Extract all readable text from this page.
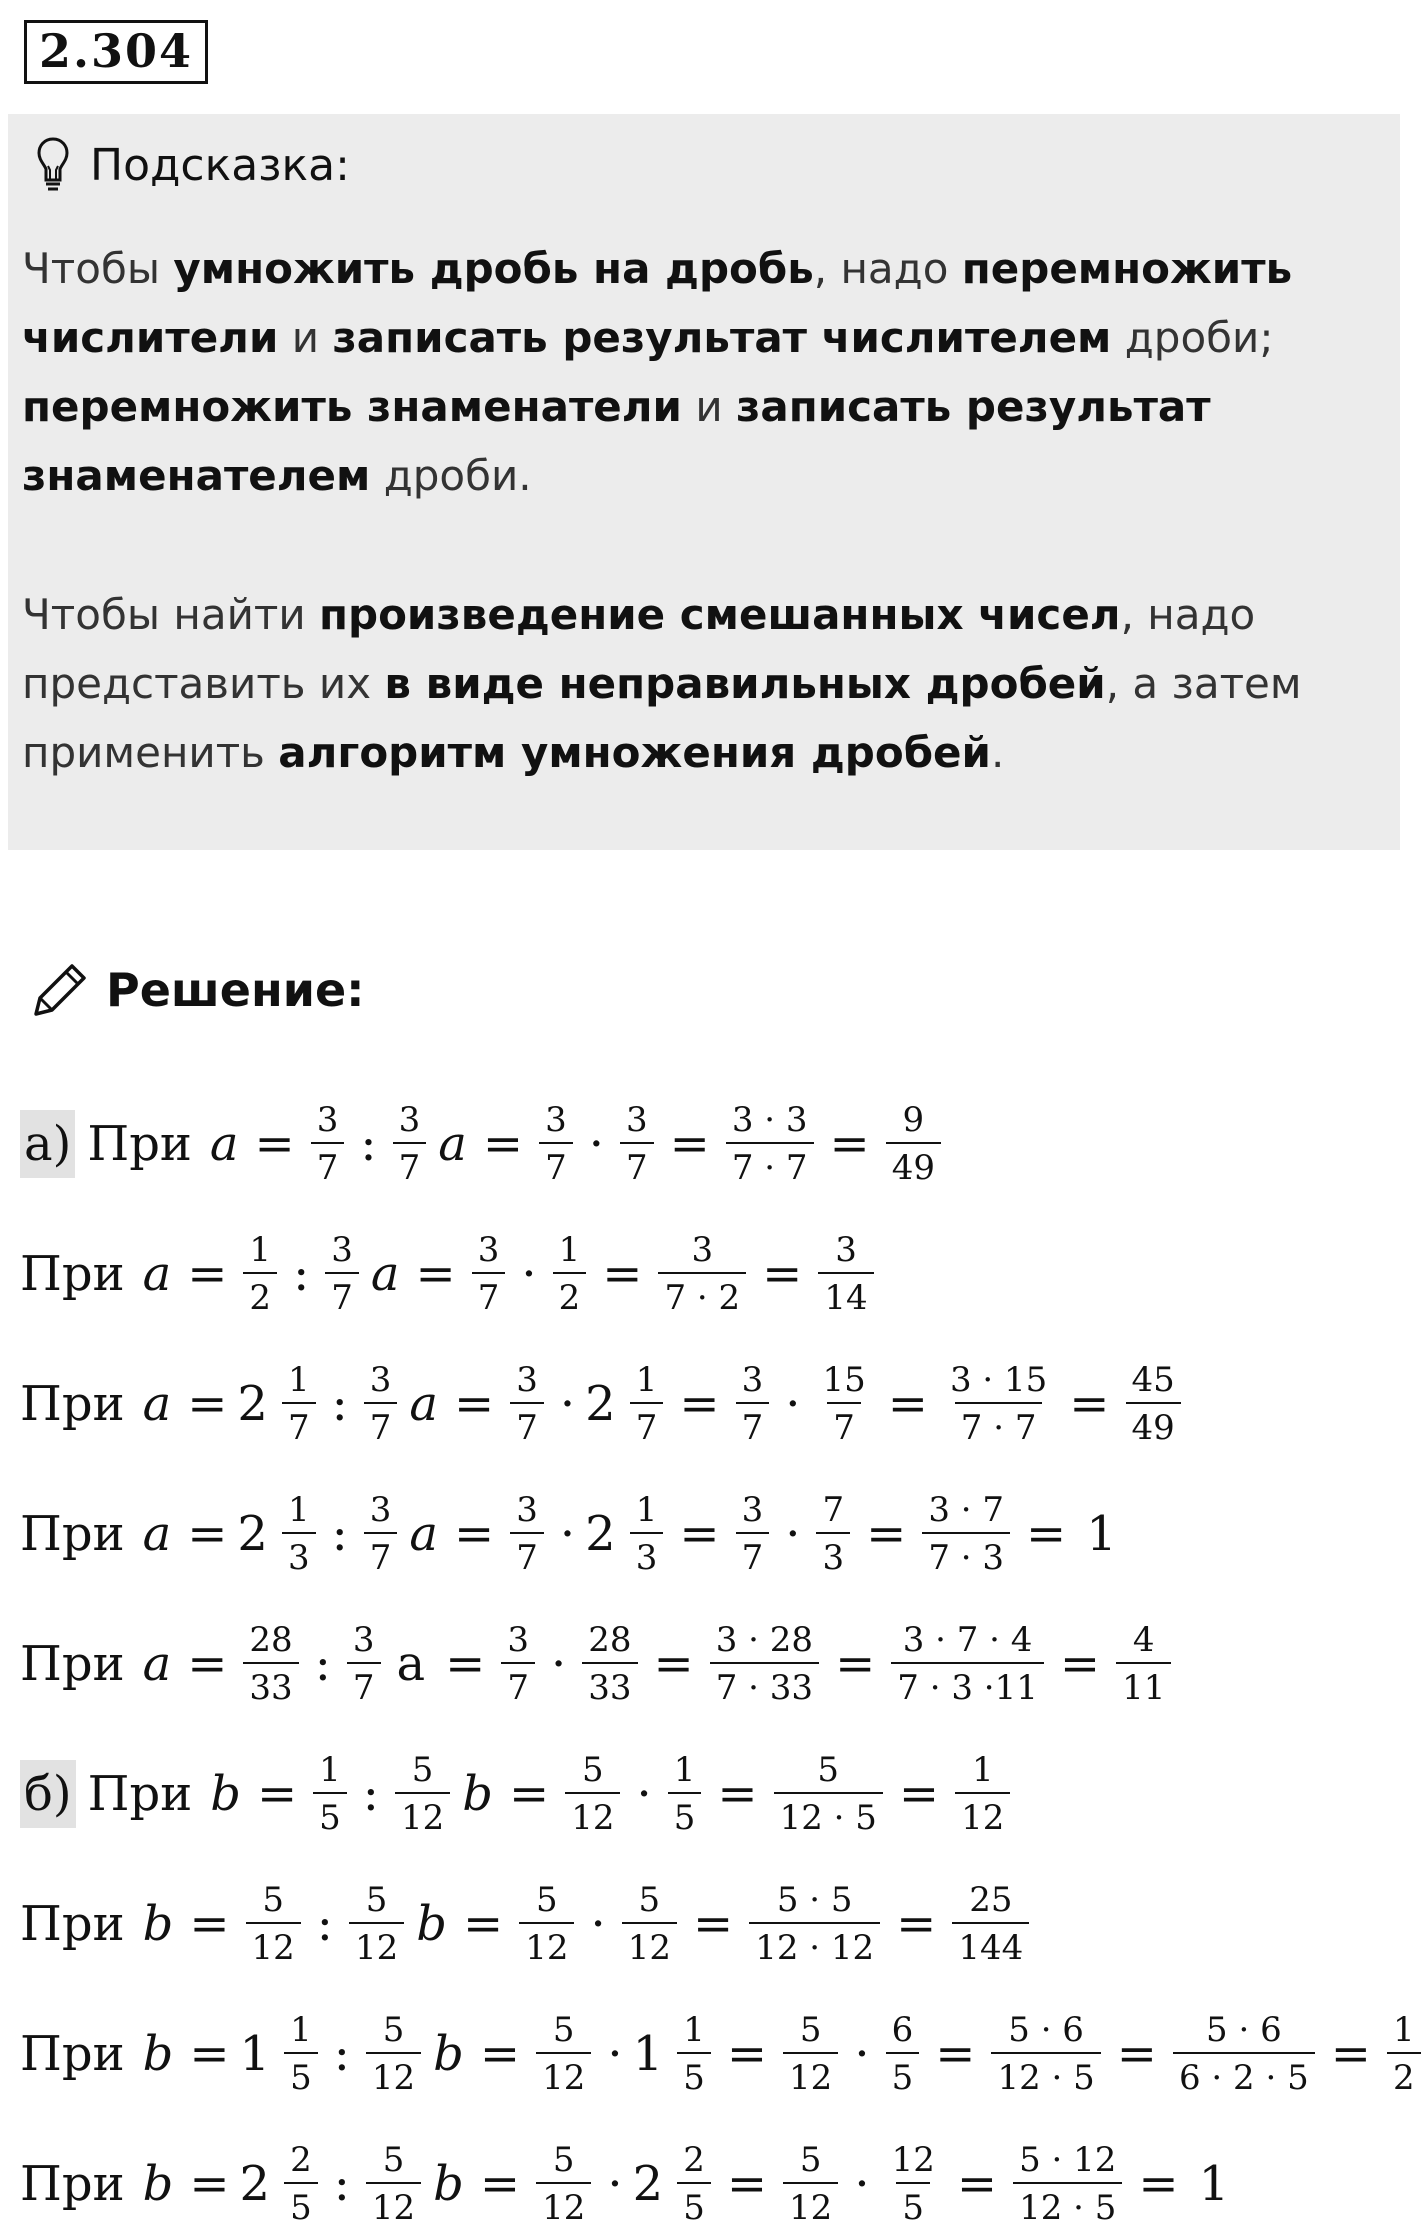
2.304
Подсказка:
Чтобы умножить дробь на дробь, надо перемножить числители и записать результат числителем дроби; перемножить знаменатели и записать результат знаменателем дроби.
Чтобы найти произведение смешанных чисел, надо представить их в виде неправильных дробей, а затем применить алгоритм умножения дробей.
Решение:
а) При $a = \frac{3}{7}$ : $\frac{3}{7}$ $a = \frac{3}{7} \cdot \frac{3}{7} = \frac{3 \cdot 3}{7 \cdot 7} = \frac{9}{49}$
При $a = \frac{1}{2}$ : $\frac{3}{7}$ $a = \frac{3}{7} \cdot \frac{1}{2} = \frac{3}{7 \cdot 2} = \frac{3}{14}$
При $a = 2 \frac{1}{7}$ : $\frac{3}{7}$ $a = \frac{3}{7} \cdot 2 \frac{1}{7} = \frac{3}{7} \cdot \frac{15}{7} = \frac{3 \cdot 15}{7 \cdot 7} = \frac{45}{49}$
При $a = 2 \frac{1}{3}$ : $\frac{3}{7}$ $a = \frac{3}{7} \cdot 2 \frac{1}{3} = \frac{3}{7} \cdot \frac{7}{3} = \frac{3 \cdot 7}{7 \cdot 3} = 1$
При $a = \frac{28}{33}$ : $\frac{3}{7}$ $a = \frac{3}{7} \cdot \frac{28}{33} = \frac{3 \cdot 28}{7 \cdot 33} = \frac{3 \cdot 7 \cdot 4}{7 \cdot 3 \cdot 11} = \frac{4}{11}$
б) При $b = \frac{1}{5}$ : $\frac{5}{12}$ $b = \frac{5}{12} \cdot \frac{1}{5} = \frac{5}{12 \cdot 5} = \frac{1}{12}$
При $b = \frac{5}{12}$ : $\frac{5}{12}$ $b = \frac{5}{12} \cdot \frac{5}{12} = \frac{5 \cdot 5}{12 \cdot 12} = \frac{25}{144}$
При $b = 1 \frac{1}{5}$ : $\frac{5}{12}$ $b = \frac{5}{12} \cdot 1 \frac{1}{5} = \frac{5}{12} \cdot \frac{6}{5} = \frac{5 \cdot 6}{12 \cdot 5} = \frac{5 \cdot 6}{6 \cdot 2 \cdot 5} = \frac{1}{2}$
При $b = 2 \frac{2}{5}$ : $\frac{5}{12}$ $b = \frac{5}{12} \cdot 2 \frac{2}{5} = \frac{5}{12} \cdot \frac{12}{5} = \frac{5 \cdot 12}{12 \cdot 5} = 1$
